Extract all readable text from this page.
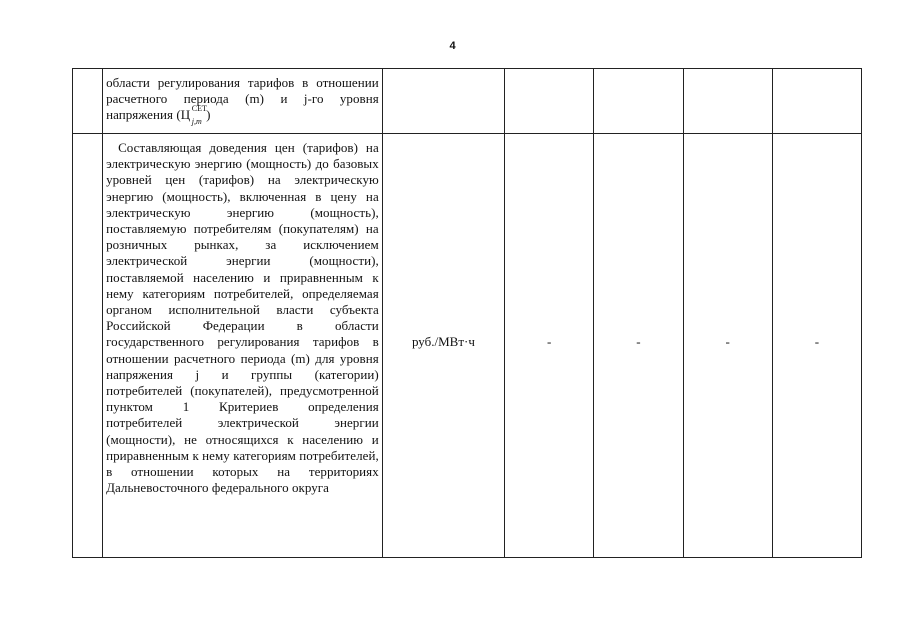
4

	области регулирования тарифов в отношении расчетного периода (m) и j-го уровня напряжения (Ц СЕТ
j,m )					

	Составляющая доведения цен (тарифов) на электрическую энергию (мощность) до базовых уровней цен (тарифов) на электрическую энергию (мощность), включенная в цену на электрическую энергию (мощность), поставляемую потребителям (покупателям) на розничных рынках, за исключением электрической энергии (мощности), поставляемой населению и приравненным к нему категориям потребителей, определяемая органом исполнительной власти субъекта Российской Федерации в области государственного регулирования тарифов в отношении расчетного периода (m) для уровня напряжения j и группы (категории) потребителей (покупателей), предусмотренной пунктом 1 Критериев определения потребителей электрической энергии (мощности), не относящихся к населению и приравненным к нему категориям потребителей, в отношении которых на территориях Дальневосточного федерального округа	руб./МВт·ч	-	-	-	-
